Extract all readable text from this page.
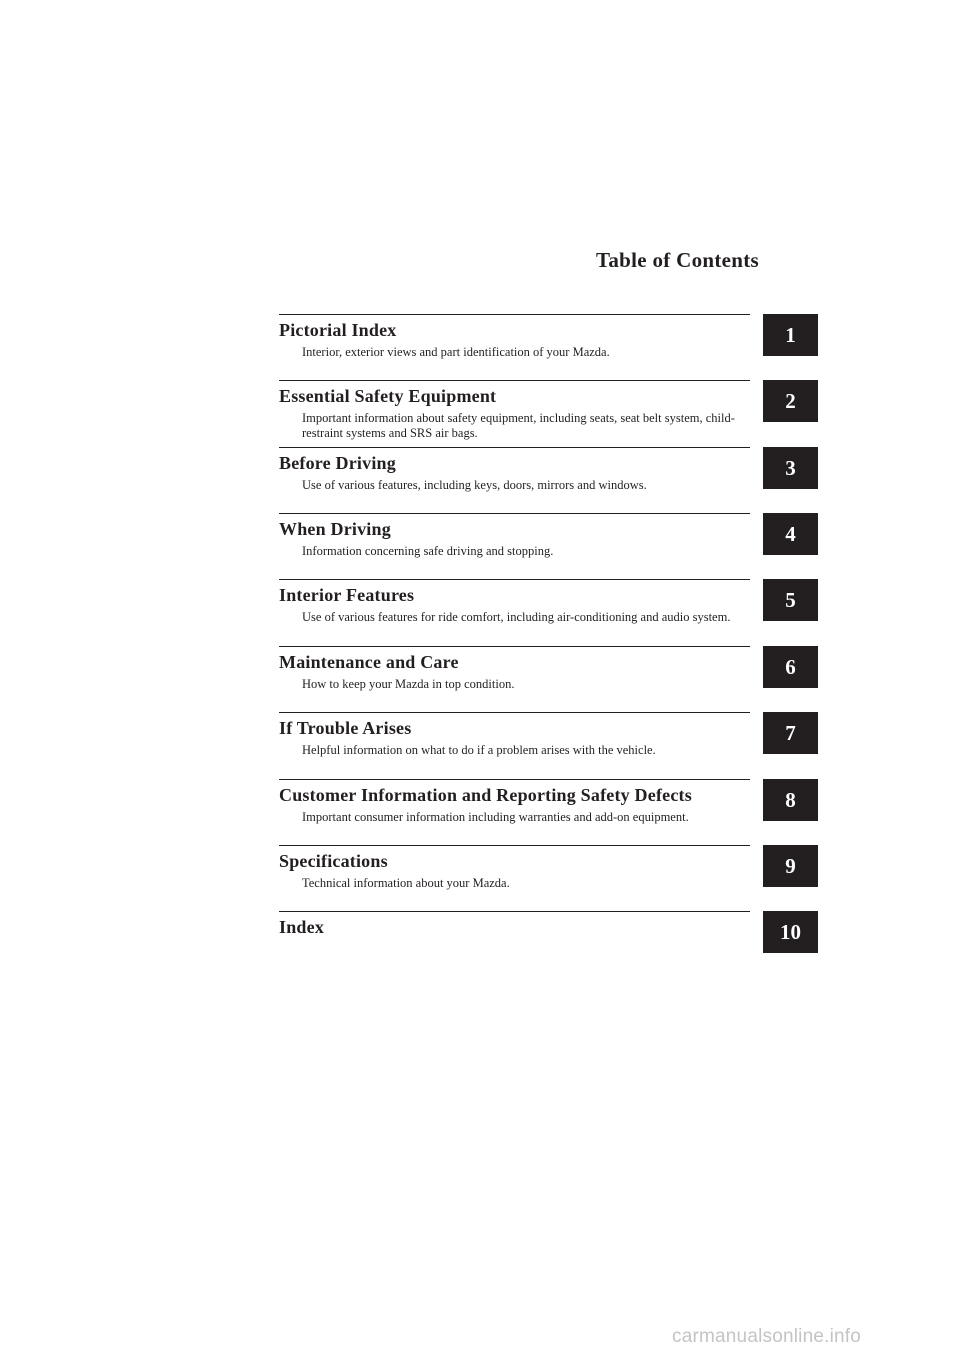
Table of Contents
Pictorial Index
Interior, exterior views and part identification of your Mazda.
1
Essential Safety Equipment
Important information about safety equipment, including seats, seat belt system, child-restraint systems and SRS air bags.
2
Before Driving
Use of various features, including keys, doors, mirrors and windows.
3
When Driving
Information concerning safe driving and stopping.
4
Interior Features
Use of various features for ride comfort, including air-conditioning and audio system.
5
Maintenance and Care
How to keep your Mazda in top condition.
6
If Trouble Arises
Helpful information on what to do if a problem arises with the vehicle.
7
Customer Information and Reporting Safety Defects
Important consumer information including warranties and add-on equipment.
8
Specifications
Technical information about your Mazda.
9
Index	10
carmanualsonline.info
